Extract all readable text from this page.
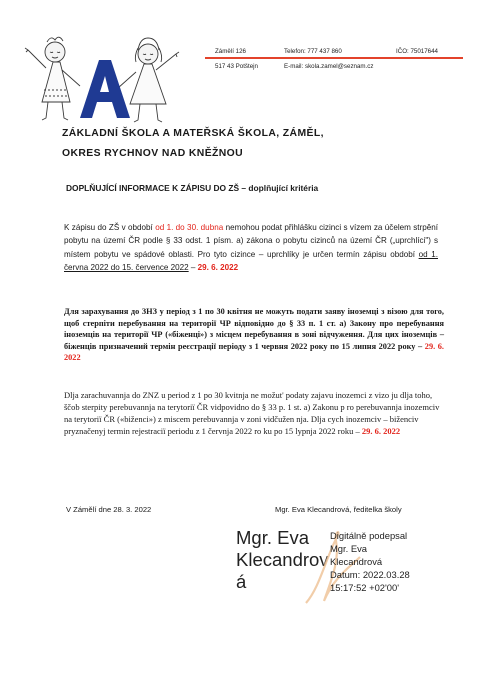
Zámělí 126
517 43 Potštejn
Telefon: 777 437 860
E-mail: skola.zamel@seznam.cz
IČO: 75017644
ZÁKLADNÍ ŠKOLA A MATEŘSKÁ ŠKOLA, ZÁMĚL,
OKRES RYCHNOV NAD KNĚŽNOU
DOPLŇUJÍCÍ INFORMACE K ZÁPISU DO ZŠ – doplňující kritéria
K zápisu do ZŠ v období od 1. do 30. dubna nemohou podat přihlášku cizinci s vízem za účelem strpění pobytu na území ČR podle § 33 odst. 1 písm. a) zákona o pobytu cizinců na území ČR („uprchlíci") s místem pobytu ve spádové oblasti. Pro tyto cizince – uprchlíky je určen termín zápisu období od 1. června 2022 do 15. července 2022 – 29. 6. 2022
Для зарахування до ЗНЗ у період з 1 по 30 квітня не можуть подати заяву іноземці з візою для того, щоб стерпіти перебування на території ЧР відповідно до § 33 п. 1 ст. а) Закону про перебування іноземців на території ЧР («біженці») з місцем перебування в зоні відчуження. Для цих іноземців – біженців призначений термін реєстрації періоду з 1 червня 2022 року по 15 липня 2022 року – 29. 6. 2022
Dlja zarachuvannja do ZNZ u period z 1 po 30 kvitnja ne možut' podaty zajavu inozemci z vizo ju dlja toho, ščob sterpity perebuvannja na terytoriï ČR vidpovidno do § 33 p. 1 st. a) Zakonu p ro perebuvannja inozemciv na terytoriï ČR («biženci») z miscem perebuvannja v zoni vidčužen nja. Dlja cych inozemciv – biženciv pryznačenyj termin rejestraciï periodu z 1 červnja 2022 ro ku po 15 lypnja 2022 roku – 29. 6. 2022
V Zámělí dne 28. 3. 2022	Mgr. Eva Klecandrová, ředitelka školy
Mgr. Eva
Klecandrov
á
Digitálně podepsal
Mgr. Eva
Klecandrová
Datum: 2022.03.28
15:17:52 +02'00'
